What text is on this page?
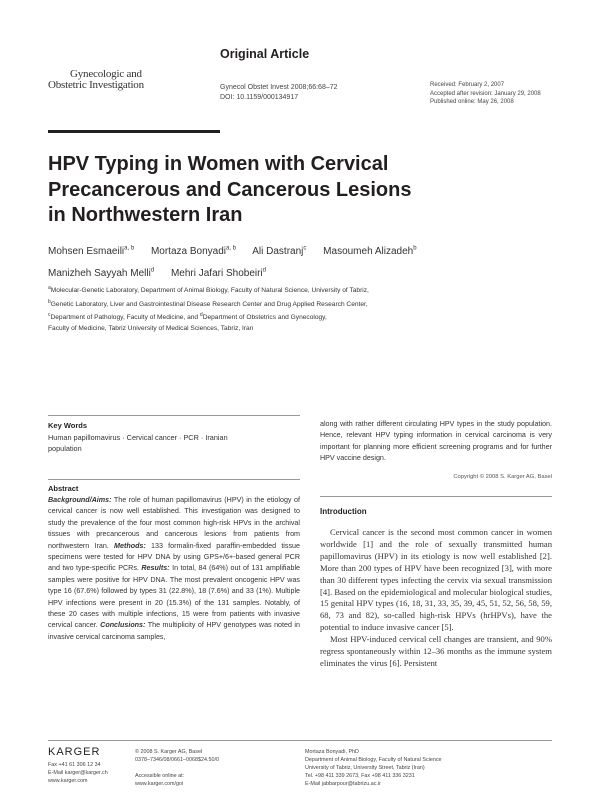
Original Article
Gynecologic and
Obstetric Investigation	Gynecol Obstet Invest 2008;66:68–72
DOI: 10.1159/000134917
Received: February 2, 2007
Accepted after revision: January 29, 2008
Published online: May 26, 2008
HPV Typing in Women with Cervical
Precancerous and Cancerous Lesions
in Northwestern Iran
Mohsen Esmaeili$^{a, b}$ Mortaza Bonyadi$^{a, b}$ Ali Dastranj$^c$ Masoumeh Alizadeh$^b$
Manizheh Sayyah Melli$^d$ Mehri Jafari Shobeiri$^d$
$^a$Molecular-Genetic Laboratory, Department of Animal Biology, Faculty of Natural Science, University of Tabriz,
$^b$Genetic Laboratory, Liver and Gastrointestinal Disease Research Center and Drug Applied Research Center,
$^c$Department of Pathology, Faculty of Medicine, and $^d$Department of Obstetrics and Gynecology,
Faculty of Medicine, Tabriz University of Medical Sciences, Tabriz, Iran
Key Words
Human papillomavirus · Cervical cancer · PCR · Iranian
population
Abstract
Background/Aims: The role of human papillomavirus (HPV) in the etiology of cervical cancer is now well established. This investigation was designed to study the prevalence of the four most common high-risk HPVs in the archival tissues with precancerous and cancerous lesions from patients from northwestern Iran. Methods: 133 formalin-fixed paraffin-embedded tissue specimens were tested for HPV DNA by using GPS+/6+-based general PCR and two type-specific PCRs. Results: In total, 84 (64%) out of 131 amplifiable samples were positive for HPV DNA. The most prevalent oncogenic HPV was type 16 (67.6%) followed by types 31 (22.8%), 18 (7.6%) and 33 (1%). Multiple HPV infections were present in 20 (15.3%) of the 131 samples. Notably, of these 20 cases with multiple infections, 15 were from patients with invasive cervical cancer. Conclusions: The multiplicity of HPV genotypes was noted in invasive cervical carcinoma samples,
along with rather different circulating HPV types in the study population. Hence, relevant HPV typing information in cervical carcinoma is very important for planning more efficient screening programs and for further HPV vaccine design.
Copyright © 2008 S. Karger AG, Basel
Introduction

Cervical cancer is the second most common cancer in women worldwide [1] and the role of sexually transmitted human papillomavirus (HPV) in its etiology is now well established [2]. More than 200 types of HPV have been recognized [3], with more than 30 different types infecting the cervix via sexual transmission [4]. Based on the epidemiological and molecular biological studies, 15 genital HPV types (16, 18, 31, 33, 35, 39, 45, 51, 52, 56, 58, 59, 68, 73 and 82), so-called high-risk HPVs (hrHPVs), have the potential to induce invasive cancer [5].

Most HPV-induced cervical cell changes are transient, and 90% regress spontaneously within 12–36 months as the immune system eliminates the virus [6]. Persistent

KARGER
Fax +41 61 306 12 34
E-Mail karger@karger.ch
www.karger.com
© 2008 S. Karger AG, Basel
0378–7346/08/0661–0068$24.50/0
Accessible online at:
www.karger.com/goi
Mortaza Bonyadi, PhD
Department of Animal Biology, Faculty of Natural Science
University of Tabriz, University Street, Tabriz (Iran)
Tel. +98 411 339 2673, Fax +98 411 336 3231
E-Mail jabbarpour@tabrizu.ac.ir
